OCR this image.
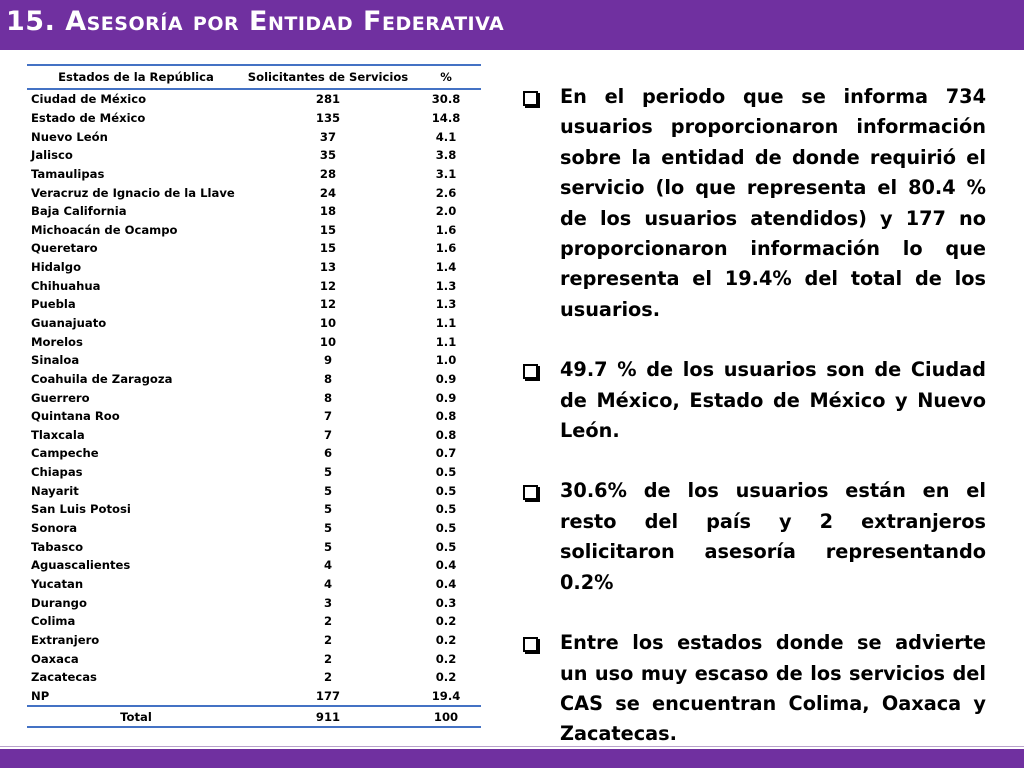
15. Asesoría por Entidad Federativa
Estados de la República	Solicitantes de Servicios	%
Ciudad de México	281	30.8
Estado de México	135	14.8
Nuevo León	37	4.1
Jalisco	35	3.8
Tamaulipas	28	3.1
Veracruz de Ignacio de la Llave	24	2.6
Baja California	18	2.0
Michoacán de Ocampo	15	1.6
Queretaro	15	1.6
Hidalgo	13	1.4
Chihuahua	12	1.3
Puebla	12	1.3
Guanajuato	10	1.1
Morelos	10	1.1
Sinaloa	9	1.0
Coahuila de Zaragoza	8	0.9
Guerrero	8	0.9
Quintana Roo	7	0.8
Tlaxcala	7	0.8
Campeche	6	0.7
Chiapas	5	0.5
Nayarit	5	0.5
San Luis Potosi	5	0.5
Sonora	5	0.5
Tabasco	5	0.5
Aguascalientes	4	0.4
Yucatan	4	0.4
Durango	3	0.3
Colima	2	0.2
Extranjero	2	0.2
Oaxaca	2	0.2
Zacatecas	2	0.2
NP	177	19.4
Total	911	100
En el periodo que se informa 734 usuarios proporcionaron información sobre la entidad de donde requirió el servicio (lo que representa el 80.4 % de los usuarios atendidos) y 177 no proporcionaron información lo que representa el 19.4% del total de los usuarios.
49.7 % de los usuarios son de Ciudad de México, Estado de México y Nuevo León.
30.6% de los usuarios están en el resto del país y 2 extranjeros solicitaron asesoría representando 0.2%
Entre los estados donde se advierte un uso muy escaso de los servicios del CAS se encuentran Colima, Oaxaca y Zacatecas.
